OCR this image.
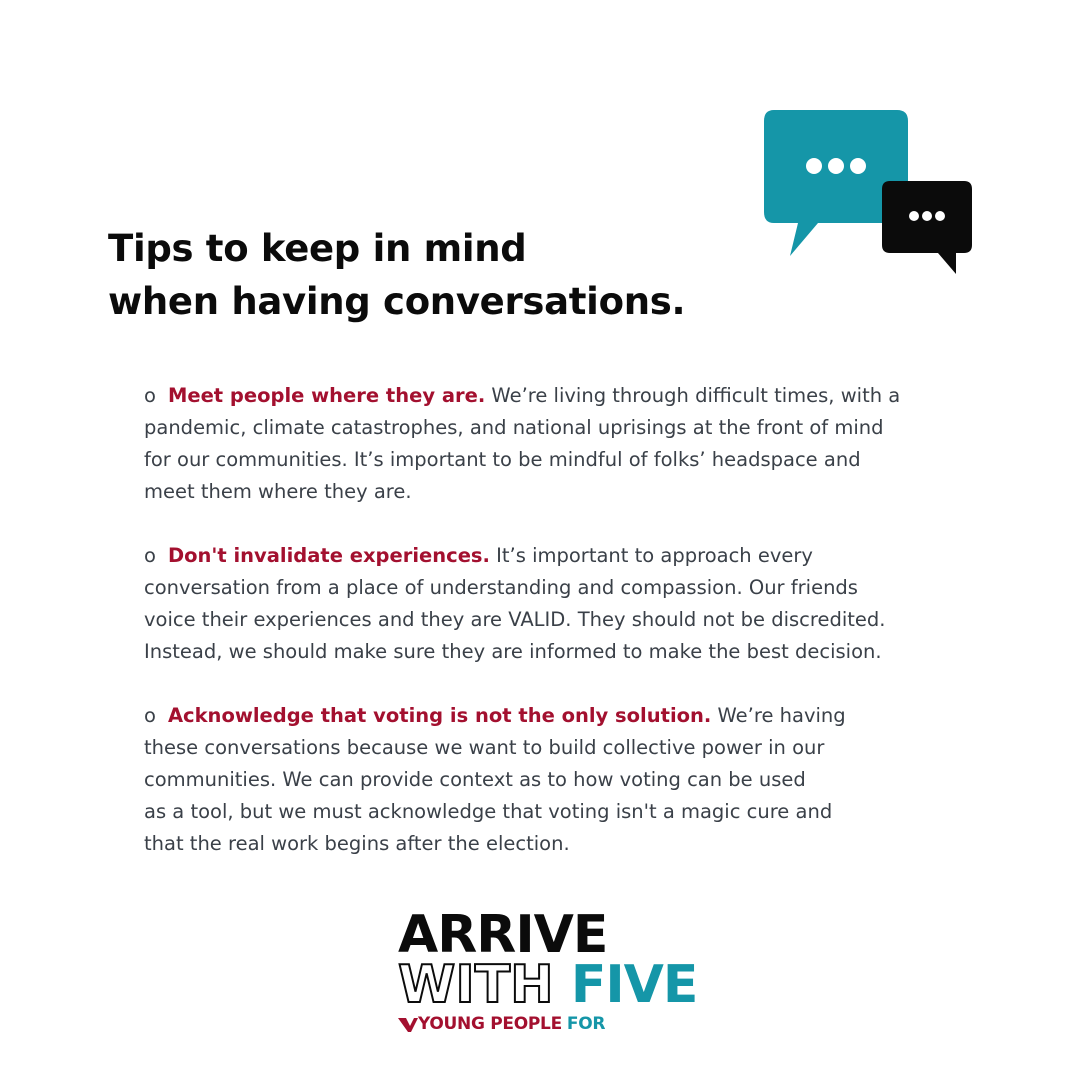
Tips to keep in mind
when having conversations.
o Meet people where they are. We’re living through difficult times, with a
pandemic, climate catastrophes, and national uprisings at the front of mind
for our communities. It’s important to be mindful of folks’ headspace and
meet them where they are.
o Don't invalidate experiences. It’s important to approach every
conversation from a place of understanding and compassion. Our friends
voice their experiences and they are VALID. They should not be discredited.
Instead, we should make sure they are informed to make the best decision.
o Acknowledge that voting is not the only solution. We’re having
these conversations because we want to build collective power in our
communities. We can provide context as to how voting can be used
as a tool, but we must acknowledge that voting isn't a magic cure and
that the real work begins after the election.
ARRIVE
WITH FIVE
YOUNG PEOPLE FOR
